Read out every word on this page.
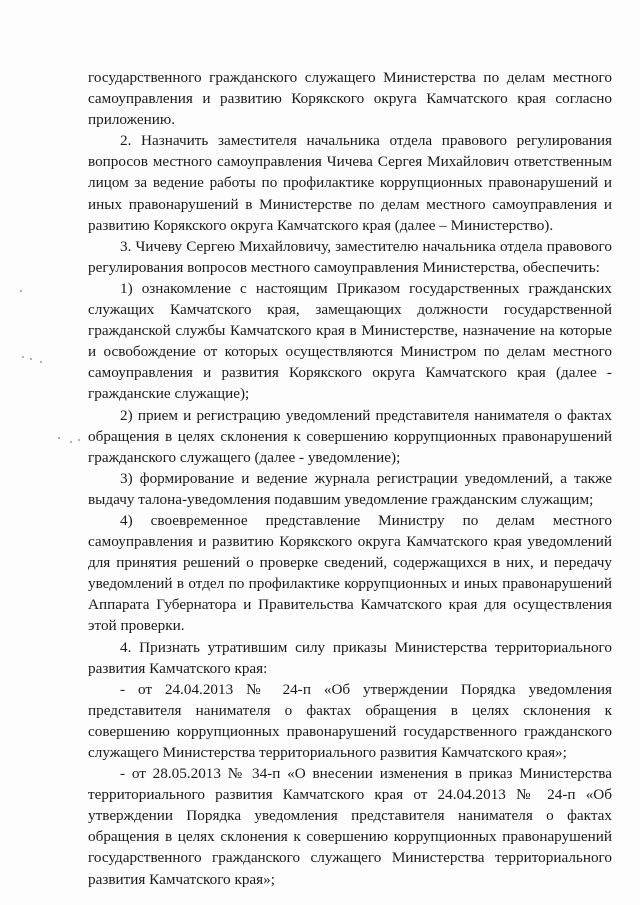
государственного гражданского служащего Министерства по делам местного самоуправления и развитию Корякского округа Камчатского края согласно приложению.

2. Назначить заместителя начальника отдела правового регулирования вопросов местного самоуправления Чичева Сергея Михайлович ответственным лицом за ведение работы по профилактике коррупционных правонарушений и иных правонарушений в Министерстве по делам местного самоуправления и развитию Корякского округа Камчатского края (далее – Министерство).

3. Чичеву Сергею Михайловичу, заместителю начальника отдела правового регулирования вопросов местного самоуправления Министерства, обеспечить:

1) ознакомление с настоящим Приказом государственных гражданских служащих Камчатского края, замещающих должности государственной гражданской службы Камчатского края в Министерстве, назначение на которые и освобождение от которых осуществляются Министром по делам местного самоуправления и развития Корякского округа Камчатского края (далее - гражданские служащие);

2) прием и регистрацию уведомлений представителя нанимателя о фактах обращения в целях склонения к совершению коррупционных правонарушений гражданского служащего (далее - уведомление);

3) формирование и ведение журнала регистрации уведомлений, а также выдачу талона-уведомления подавшим уведомление гражданским служащим;

4) своевременное представление Министру по делам местного самоуправления и развитию Корякского округа Камчатского края уведомлений для принятия решений о проверке сведений, содержащихся в них, и передачу уведомлений в отдел по профилактике коррупционных и иных правонарушений Аппарата Губернатора и Правительства Камчатского края для осуществления этой проверки.

4. Признать утратившим силу приказы Министерства территориального развития Камчатского края:

- от 24.04.2013 № 24-п «Об утверждении Порядка уведомления представителя нанимателя о фактах обращения в целях склонения к совершению коррупционных правонарушений государственного гражданского служащего Министерства территориального развития Камчатского края»;

- от 28.05.2013 № 34-п «О внесении изменения в приказ Министерства территориального развития Камчатского края от 24.04.2013 № 24-п «Об утверждении Порядка уведомления представителя нанимателя о фактах обращения в целях склонения к совершению коррупционных правонарушений государственного гражданского служащего Министерства территориального развития Камчатского края»;
